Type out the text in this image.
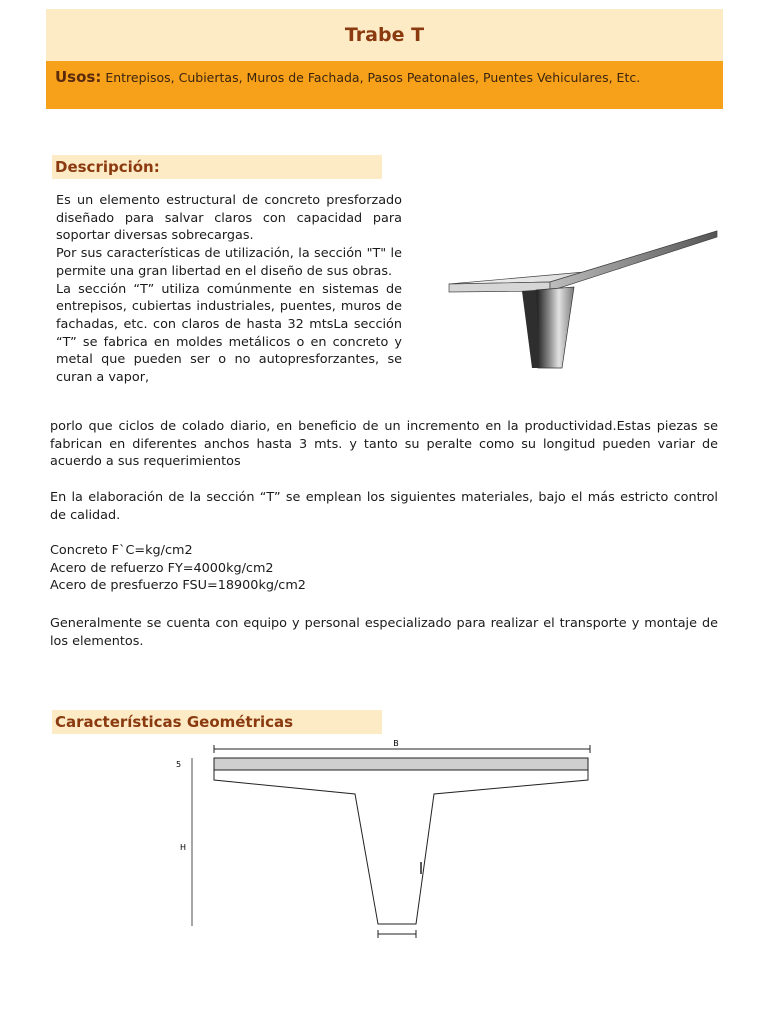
Trabe T
Usos: Entrepisos, Cubiertas, Muros de Fachada, Pasos Peatonales, Puentes Vehiculares, Etc.
Descripción:

Es un elemento estructural de concreto presforzado diseñado para salvar claros con capacidad para soportar diversas sobrecargas.

Por sus características de utilización, la sección "T" le permite una gran libertad en el diseño de sus obras.

La sección “T” utiliza comúnmente en sistemas de entrepisos, cubiertas industriales, puentes, muros de fachadas, etc. con claros de hasta 32 mtsLa sección “T” se fabrica en moldes metálicos o en concreto y metal que pueden ser o no autopresforzantes, se curan a vapor,

porlo que ciclos de colado diario, en beneficio de un incremento en la productividad.Estas piezas se fabrican en diferentes anchos hasta 3 mts. y tanto su peralte como su longitud pueden variar de acuerdo a sus requerimientos

En la elaboración de la sección “T” se emplean los siguientes materiales, bajo el más estricto control de calidad.

Concreto F`C=kg/cm2

Acero de refuerzo FY=4000kg/cm2

Acero de presfuerzo FSU=18900kg/cm2

Generalmente se cuenta con equipo y personal especializado para realizar el transporte y montaje de los elementos.

Características Geométricas
B
5
H
